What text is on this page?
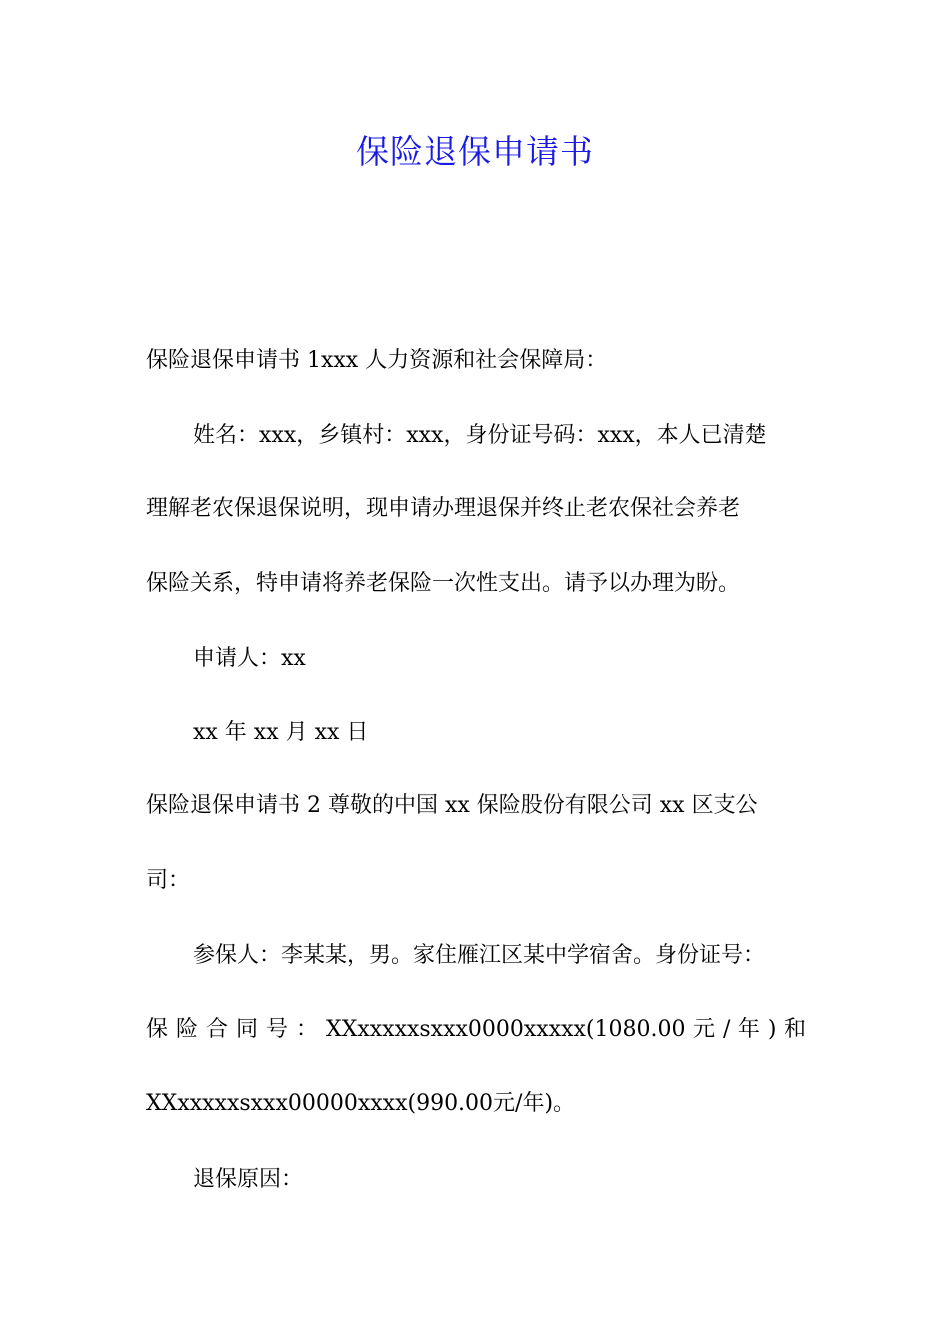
保险退保申请书
保险退保申请书 1xxx 人力资源和社会保障局：
姓名：xxx，乡镇村：xxx，身份证号码：xxx，本人已清楚
理解老农保退保说明，现申请办理退保并终止老农保社会养老
保险关系，特申请将养老保险一次性支出。请予以办理为盼。
申请人：xx
xx 年 xx 月 xx 日
保险退保申请书 2 尊敬的中国 xx 保险股份有限公司 xx 区支公
司：
参保人：李某某，男。家住雁江区某中学宿舍。身份证号：
保 险 合 同 号 ： XXxxxxxsxxx0000xxxxx(1080.00 元 / 年 ) 和
XXxxxxxsxxx00000xxxx(990.00元/年)。
退保原因：
